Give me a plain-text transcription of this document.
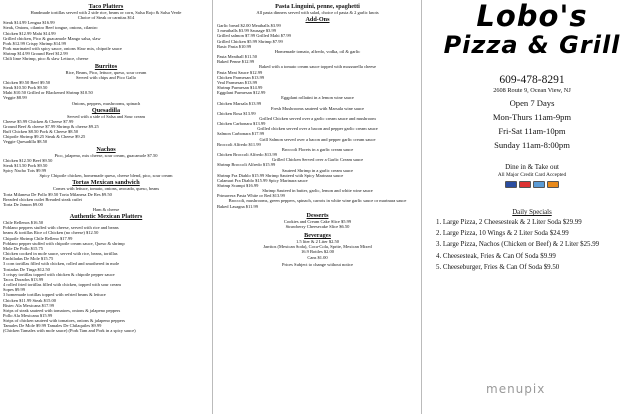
Taco Platters
Handmade tortillas served with 2 side rice, beans or corn, Salsa Rojo & Salsa Verde
Choice of Steak or carnitas $14
Steak $14.99 Lengua $16.99
Steak, Onions, cilantro Beef tongue, onions, cilantro
Chicken $12.99 Mahi $14.99
Grilled chicken, Pico & guacamole Mango salsa, slaw
Pork $12.99 Crispy Shrimp $14.99
Pork marinated with spicy sauce, onions Slaw mix, chipotle sauce
Shrimp $14.99 Ground Beef $12.99
Chili lime Shrimp, pico & slaw Lettuce, cheese
Burritos
Rice, Beans, Pico, lettuce, queso, sour cream
Served with chips and Pico Gallo
Chicken $9.50 Beef $9.50
Steak $10.50 Pork $9.50
Mahi $10.50 Grilled or Blackened Shrimp $10.50
Veggie $8.99
Onions, peppers, mushrooms, spinach
Quesadilla
Served with a side of Salsa and Sour cream
Cheese $5.99 Chicken & Cheese $7.99
Ground Beef & cheese $7.99 Shrimp & cheese $9.25
Buff Chicken $8.50 Pork & Cheese $8.50
Chipotle Shrimp $9.25 Steak & Cheese $9.25
Veggie Quesadilla $8.50
Nachos
Pico, jalapeno, mix cheese, sour cream, guacamole $7.50
Chicken $12.50 Beef $9.50
Steak $13.50 Pork $9.50
Spicy Nacho Tots $9.99
Spicy Chipotle chicken, homemade queso, cheese blend, pico, sour cream
Tortas Mexican sandwich
Comes with lettuce, tomato, onions, avocado, queso, beans
Torta Milanesa De Pollo $9.50 Torta Milanesa De Res $9.50
Breaded chicken cutlet Breaded steak cutlet
Torta De Jamon $9.00
Ham & cheese
Authentic Mexican Platters
Chile Rellenos $16.50
Poblano peppers stuffed with cheese, served with rice and beans
beans & tortillas Rice of Chicken (no cheese) $12.50
Chipotle Shrimp Chile Relleno $17.99
Poblano pepper stuffed with chipotle cream sauce, Queso & shrimp
Mole De Pollo $15.75
Chicken cooked in mole sauce, served with rice, beans, tortillas
Enchiladas De Mole $15.75
3 corn tortillas filled with chicken, rolled and smothered in mole
Tostadas De Tinga $12.50
3 crispy tortillas topped with chicken & chipotle pepper sauce
Tacos Dorados $13.99
4 rolled fried tortillas filled with chicken, topped with sour cream
Sopes $9.99
3 homemade tortillas topped with refried beans & lettuce
Chicken $11.99 Steak $15.00
Bistec Ala Mexicana $17.99
Strips of steak sauteed with tomatoes, onions & jalapeno peppers
Pollo Ala Mexicana $15.99
Strips of chicken sauteed with tomatoes, onions & jalapeno peppers
Tamales De Mole $9.99 Tamales De Chilaquiles $9.99
(Chicken Tamales with mole sauce) (Pork Tam and Pork in a spicy sauce)
Pasta Linguini, penne, spaghetti
All pasta dinners served with salad, choice of pasta & 2 garlic knots
Add-Ons
Garlic bread $2.00 Meatballs $3.99
3 meatballs $3.99 Sausage $3.99
Grilled salmon $7.99 Grilled Mahi $7.99
Grilled Chicken $5.99 Shrimp $7.99
Basic Pasta $10.99
Homemade tomato, alfredo, vodka, oil & garlic
Pasta Meatball $11.50
Baked Penne $12.99
Baked with a tomato cream sauce topped with mozzarella cheese
Pasta Meat Sauce $12.99
Chicken Parmesan $13.99
Veal Parmesan $13.99
Shrimp Parmesan $14.99
Eggplant Parmesan $12.99
Eggplant rollatini in a lemon wine sauce
Chicken Marsala $13.99
Fresh Mushrooms sauteed with Marsala wine sauce
Chicken Rosa $13.99
Grilled Chicken served over a garlic cream sauce and mushroom
Chicken Carbonara $13.99
Grilled chicken served over a bacon and pepper garlic cream sauce
Salmon Carbonara $17.99
Grill Salmon served over a bacon and pepper garlic cream sauce
Broccoli Alfredo $11.99
Broccoli Florets in a garlic cream sauce
Chicken Broccoli Alfredo $13.99
Grilled Chicken Served over a Garlic Cream sauce
Shrimp Broccoli Alfredo $15.99
Sauteed Shrimp in a garlic cream sauce
Shrimp Fra Diablo $15.99 Shrimp Sauteed with Spicy Marinara sauce
Calamari Fra Diablo $15.99 Spicy Marinara sauce
Shrimp Scampi $16.99
Shrimp Sauteed in butter, garlic, lemon and white wine sauce
Primavera Pasta White or Red $13.99
Broccoli, mushrooms, green peppers, spinach, carrots in white wine garlic sauce or marinara sauce
Baked Lasagna $11.99
Desserts
Cookies and Cream Cake Slice $5.99
Strawberry Cheesecake Slice $6.50
Beverages
1.5 liter & 2 Liter $2.50
Jarritos (Mexican Soda), Coca-Cola, Sprite, Mexican Mixed
16.9 Bottles $2.00
Cans $1.00
Prices Subject to change without notice
Lobo's
Pizza & Grill
609-478-8291
2608 Route 9, Ocean View, NJ
Open 7 Days
Mon-Thurs 11am-9pm
Fri-Sat 11am-10pm
Sunday 11am-8:00pm
Dine in & Take out
All Major Credit Card Accepted
Daily Specials
1. Large Pizza, 2 Cheesesteak & 2 Liter Soda $29.99
2. Large Pizza, 10 Wings & 2 Liter Soda $24.99
3. Large Pizza, Nachos (Chicken or Beef) & 2 Liter $25.99
4. Cheesesteak, Fries & Can Of Soda $9.99
5. Cheeseburger, Fries & Can Of Soda $9.50
menupix
